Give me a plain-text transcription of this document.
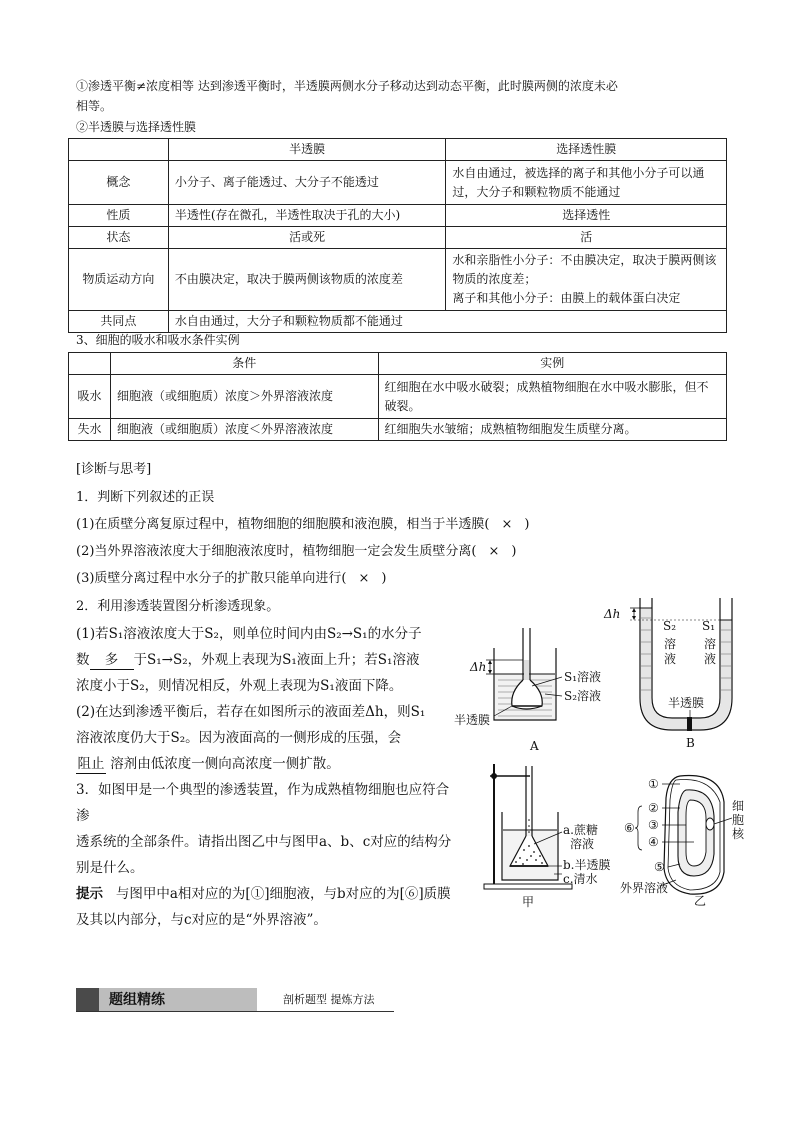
①渗透平衡≠浓度相等 达到渗透平衡时，半透膜两侧水分子移动达到动态平衡，此时膜两侧的浓度未必
相等。
②半透膜与选择透性膜
	半透膜	选择透性膜
概念	小分子、离子能透过、大分子不能透过	水自由通过，被选择的离子和其他小分子可以通过，大分子和颗粒物质不能通过
性质	半透性(存在微孔，半透性取决于孔的大小)	选择透性
状态	活或死	活
物质运动方向	不由膜决定，取决于膜两侧该物质的浓度差	水和亲脂性小分子：不由膜决定，取决于膜两侧该物质的浓度差；
离子和其他小分子：由膜上的载体蛋白决定

共同点	水自由通过，大分子和颗粒物质都不能通过	
3、细胞的吸水和吸水条件实例
	条件	实例
吸水	细胞液（或细胞质）浓度＞外界溶液浓度	红细胞在水中吸水破裂；成熟植物细胞在水中吸水膨胀，但不破裂。
失水	细胞液（或细胞质）浓度＜外界溶液浓度	红细胞失水皱缩；成熟植物细胞发生质壁分离。
[诊断与思考]
1．判断下列叙述的正误
(1)在质壁分离复原过程中，植物细胞的细胞膜和液泡膜，相当于半透膜( × )
(2)当外界溶液浓度大于细胞液浓度时，植物细胞一定会发生质壁分离( × )
(3)质壁分离过程中水分子的扩散只能单向进行( × )
2．利用渗透装置图分析渗透现象。
(1)若S₁溶液浓度大于S₂，则单位时间内由S₂→S₁的水分子
数 多 于S₁→S₂，外观上表现为S₁液面上升；若S₁溶液
浓度小于S₂，则情况相反，外观上表现为S₁液面下降。
(2)在达到渗透平衡后，若存在如图所示的液面差Δh，则S₁
溶液浓度仍大于S₂。因为液面高的一侧形成的压强，会
阻止 溶剂由低浓度一侧向高浓度一侧扩散。
3．如图甲是一个典型的渗透装置，作为成熟植物细胞也应符合渗
透系统的全部条件。请指出图乙中与图甲a、b、c对应的结构分
别是什么。
提示 与图甲中a相对应的为[①]细胞液，与b对应的为[⑥]质膜
及其以内部分，与c对应的是“外界溶液”。
Δh
S₁溶液
S₂溶液
半透膜
A
Δh
S₂ S₁
溶液
溶液
半透膜
B
a.蔗糖
溶液
b.半透膜
c.清水
甲
①
②
③
④
⑥
⑤
细胞核
外界溶液
乙
题组精练	剖析题型 提炼方法
